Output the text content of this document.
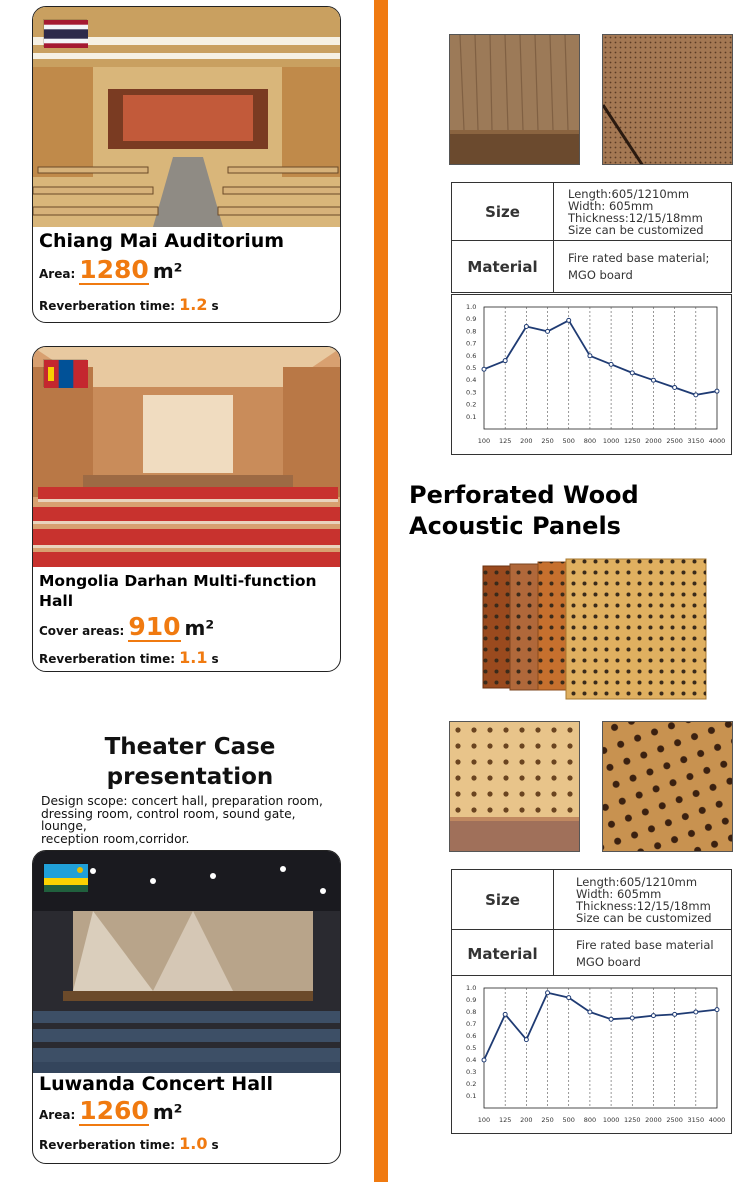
Chiang Mai Auditorium
Area: 1280 m²
Reverberation time: 1.2 s
Mongolia Darhan Multi-function Hall
Cover areas: 910 m²
Reverberation time: 1.1 s
Theater Case
presentation
Design scope: concert hall, preparation room,
dressing room, control room, sound gate, lounge,
reception room,corridor.
Luwanda Concert Hall
Area: 1260 m²
Reverberation time: 1.0 s
Size	Length:605/1210mm
Width: 605mm
Thickness:12/15/18mm
Size can be customized

Material	Fire rated base material;
MGO board
100 125 200 250 500 800 1000 1250 2000 2500 3150 4000
1.0
0.9
0.8
0.7
0.6
0.5
0.4
0.3
0.2
0.1
Perforated Wood
Acoustic Panels
Size	Length:605/1210mm
Width: 605mm
Thickness:12/15/18mm
Size can be customized

Material	Fire rated base material
MGO board
100 125 200 250 500 800 1000 1250 2000 2500 3150 4000
1.0
0.9
0.8
0.7
0.6
0.5
0.4
0.3
0.2
0.1
